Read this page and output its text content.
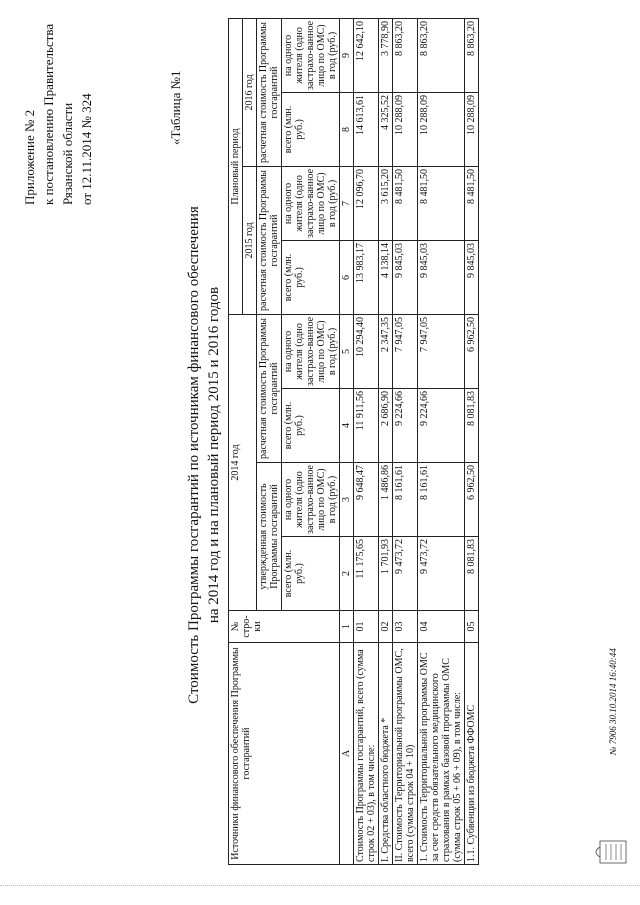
Приложение № 2 к постановлению Правительства Рязанской области от 12.11.2014 № 324	«Таблица №1
Стоимость Программы госгарантий по источникам финансового обеспечения на 2014 год и на плановый период 2015 и 2016 годов
Источники финансового обеспечения Программы госгарантий	№ стро-ки	2014 год				Плановый период			
						2015 год		2016 год	
		утвержденная стоимость Программы госгарантий		расчетная стоимость Программы госгарантий		расчетная стоимость Программы госгарантий		расчетная стоимость Программы госгарантий	
		всего (млн. руб.)	на одного жителя (одно застрахо-ванное лицо по ОМС) в год (руб.)	всего (млн. руб.)	на одного жителя (одно застрахо-ванное лицо по ОМС) в год (руб.)	всего (млн. руб.)	на одного жителя (одно застрахо-ванное лицо по ОМС) в год (руб.)	всего (млн. руб.)	на одного жителя (одно застрахо-ванное лицо по ОМС) в год (руб.)
А	1	2	3	4	5	6	7	8	9
Стоимость Программы госгарантий, всего (сумма строк 02 + 03), в том числе:	01	11 175,65	9 648,47	11 911,56	10 294,40	13 983,17	12 096,70	14 613,61	12 642,10
I. Средства областного бюджета *	02	1 701,93	1 486,86	2 686,90	2 347,35	4 138,14	3 615,20	4 325,52	3 778,90
II. Стоимость Территориальной программы ОМС, всего (сумма строк 04 + 10)	03	9 473,72	8 161,61	9 224,66	7 947,05	9 845,03	8 481,50	10 288,09	8 863,20
1. Стоимость Территориальной программы ОМС за счет средств обязательного медицинского страхования в рамках базовой программы ОМС (сумма строк 05 + 06 + 09), в том числе:	04	9 473,72	8 161,61	9 224,66	7 947,05	9 845,03	8 481,50	10 288,09	8 863,20
1.1. Субвенции из бюджета ФФОМС	05	8 081,83	6 962,50	8 081,83	6 962,50	9 845,03	8 481,50	10 288,09	8 863,20
№ 7906 30.10.2014 16:40:44
